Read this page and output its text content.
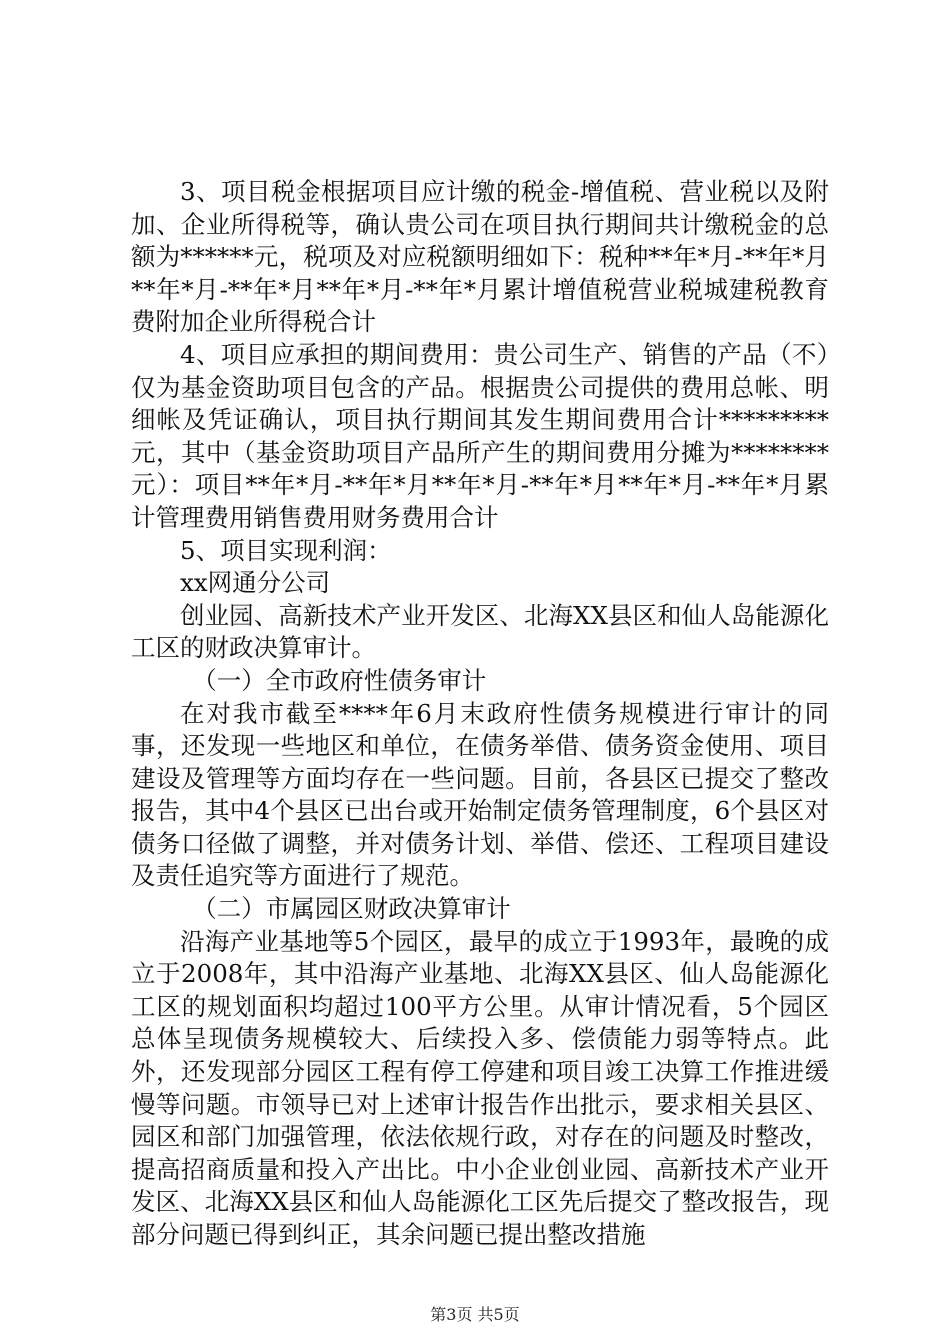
3、项目税金根据项目应计缴的税金-增值税、营业税以及附加、企业所得税等，确认贵公司在项目执行期间共计缴税金的总额为******元，税项及对应税额明细如下：税种**年*月-**年*月**年*月-**年*月**年*月-**年*月累计增值税营业税城建税教育费附加企业所得税合计

4、项目应承担的期间费用：贵公司生产、销售的产品（不）仅为基金资助项目包含的产品。根据贵公司提供的费用总帐、明细帐及凭证确认，项目执行期间其发生期间费用合计*********元，其中（基金资助项目产品所产生的期间费用分摊为********元）：项目**年*月-**年*月**年*月-**年*月**年*月-**年*月累计管理费用销售费用财务费用合计

5、项目实现利润：

xx网通分公司

创业园、高新技术产业开发区、北海XX县区和仙人岛能源化工区的财政决算审计。

（一）全市政府性债务审计

在对我市截至****年6月末政府性债务规模进行审计的同事，还发现一些地区和单位，在债务举借、债务资金使用、项目建设及管理等方面均存在一些问题。目前，各县区已提交了整改报告，其中4个县区已出台或开始制定债务管理制度，6个县区对债务口径做了调整，并对债务计划、举借、偿还、工程项目建设及责任追究等方面进行了规范。

（二）市属园区财政决算审计

沿海产业基地等5个园区，最早的成立于1993年，最晚的成立于2008年，其中沿海产业基地、北海XX县区、仙人岛能源化工区的规划面积均超过100平方公里。从审计情况看，5个园区总体呈现债务规模较大、后续投入多、偿债能力弱等特点。此外，还发现部分园区工程有停工停建和项目竣工决算工作推进缓慢等问题。市领导已对上述审计报告作出批示，要求相关县区、园区和部门加强管理，依法依规行政，对存在的问题及时整改，提高招商质量和投入产出比。中小企业创业园、高新技术产业开发区、北海XX县区和仙人岛能源化工区先后提交了整改报告，现部分问题已得到纠正，其余问题已提出整改措施

第3页 共5页
